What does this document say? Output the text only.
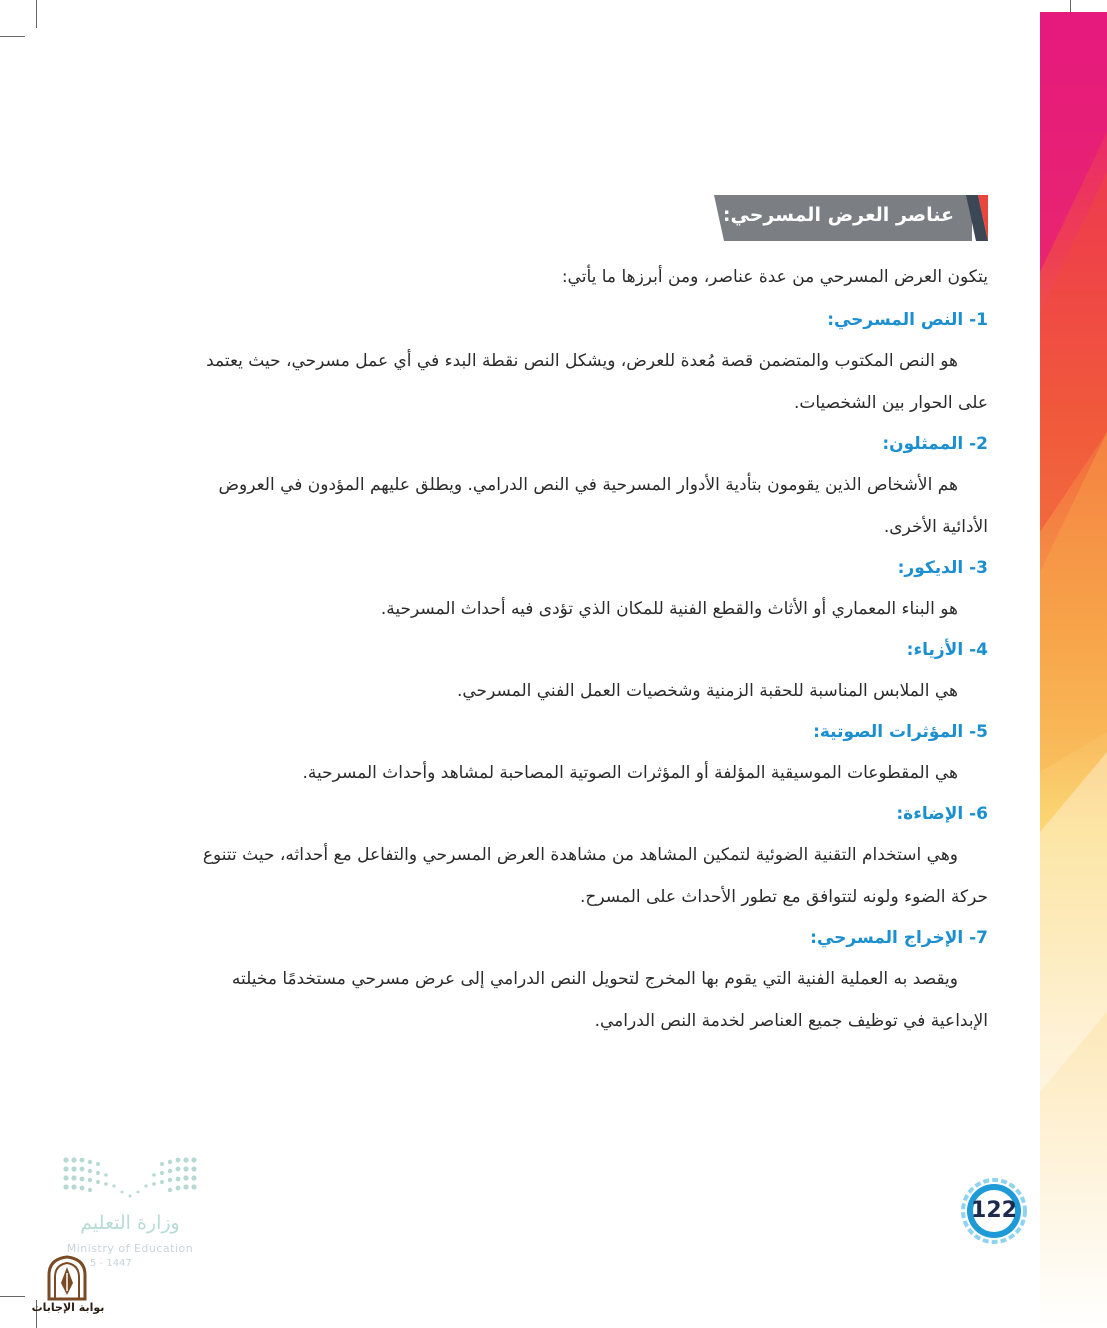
عناصر العرض المسرحي:

يتكون العرض المسرحي من عدة عناصر، ومن أبرزها ما يأتي:

1- النص المسرحي:

هو النص المكتوب والمتضمن قصة مُعدة للعرض، ويشكل النص نقطة البدء في أي عمل مسرحي، حيث يعتمد
على الحوار بين الشخصيات.

2- الممثلون:

هم الأشخاص الذين يقومون بتأدية الأدوار المسرحية في النص الدرامي. ويطلق عليهم المؤدون في العروض
الأدائية الأخرى.

3- الديكور:

هو البناء المعماري أو الأثاث والقطع الفنية للمكان الذي تؤدى فيه أحداث المسرحية.

4- الأزياء:

هي الملابس المناسبة للحقبة الزمنية وشخصيات العمل الفني المسرحي.

5- المؤثرات الصوتية:

هي المقطوعات الموسيقية المؤلفة أو المؤثرات الصوتية المصاحبة لمشاهد وأحداث المسرحية.

6- الإضاءة:

وهي استخدام التقنية الضوئية لتمكين المشاهد من مشاهدة العرض المسرحي والتفاعل مع أحداثه، حيث تتنوع
حركة الضوء ولونه لتتوافق مع تطور الأحداث على المسرح.

7- الإخراج المسرحي:

ويقصد به العملية الفنية التي يقوم بها المخرج لتحويل النص الدرامي إلى عرض مسرحي مستخدمًا مخيلته
الإبداعية في توظيف جميع العناصر لخدمة النص الدرامي.

122
وزارة التعليم
Ministry of Education
5 - 1447
بوابة الإجابات
